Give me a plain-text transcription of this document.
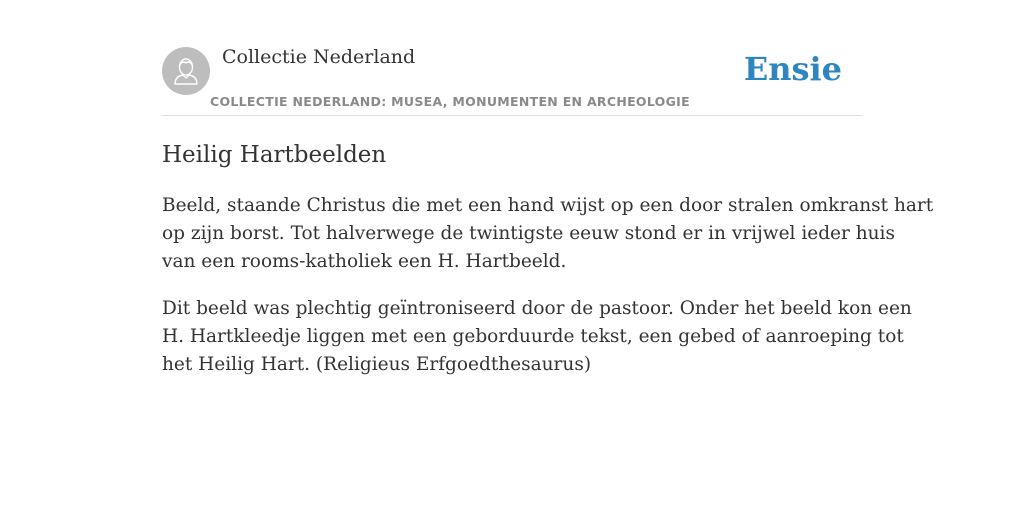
Collectie Nederland
COLLECTIE NEDERLAND: MUSEA, MONUMENTEN EN ARCHEOLOGIE
Ensie
Heilig Hartbeelden

Beeld, staande Christus die met een hand wijst op een door stralen omkranst hart
op zijn borst. Tot halverwege de twintigste eeuw stond er in vrijwel ieder huis
van een rooms-katholiek een H. Hartbeeld.

Dit beeld was plechtig geïntroniseerd door de pastoor. Onder het beeld kon een
H. Hartkleedje liggen met een geborduurde tekst, een gebed of aanroeping tot
het Heilig Hart. (Religieus Erfgoedthesaurus)
